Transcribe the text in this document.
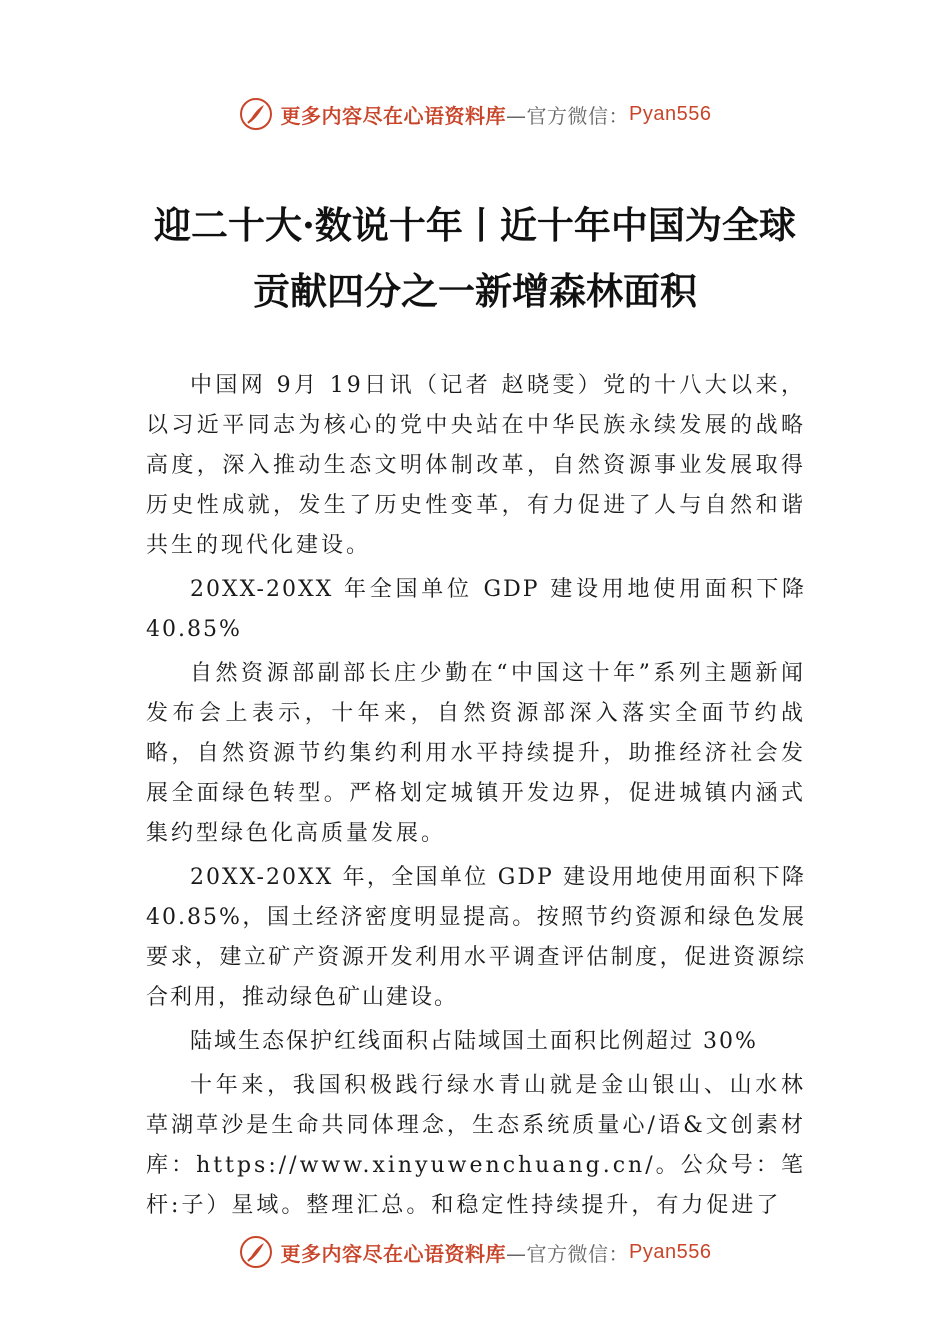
更多内容尽在心语资料库 —官方微信： Pyan556
迎二十大·数说十年丨近十年中国为全球
贡献四分之一新增森林面积

中国网 9月 19日讯（记者 赵晓雯）党的十八大以来，以习近平同志为核心的党中央站在中华民族永续发展的战略高度，深入推动生态文明体制改革，自然资源事业发展取得历史性成就，发生了历史性变革，有力促进了人与自然和谐共生的现代化建设。

20XX-20XX 年全国单位 GDP 建设用地使用面积下降 40.85%

自然资源部副部长庄少勤在“中国这十年”系列主题新闻发布会上表示，十年来，自然资源部深入落实全面节约战略，自然资源节约集约利用水平持续提升，助推经济社会发展全面绿色转型。严格划定城镇开发边界，促进城镇内涵式集约型绿色化高质量发展。

20XX-20XX 年，全国单位 GDP 建设用地使用面积下降 40.85%，国土经济密度明显提高。按照节约资源和绿色发展要求，建立矿产资源开发利用水平调查评估制度，促进资源综合利用，推动绿色矿山建设。

陆域生态保护红线面积占陆域国土面积比例超过 30%

十年来，我国积极践行绿水青山就是金山银山、山水林草湖草沙是生命共同体理念，生态系统质量心/语&文创素材库：https://www.xinyuwenchuang.cn/。公众号：笔杆:子）星域。整理汇总。和稳定性持续提升，有力促进了

更多内容尽在心语资料库 —官方微信： Pyan556
